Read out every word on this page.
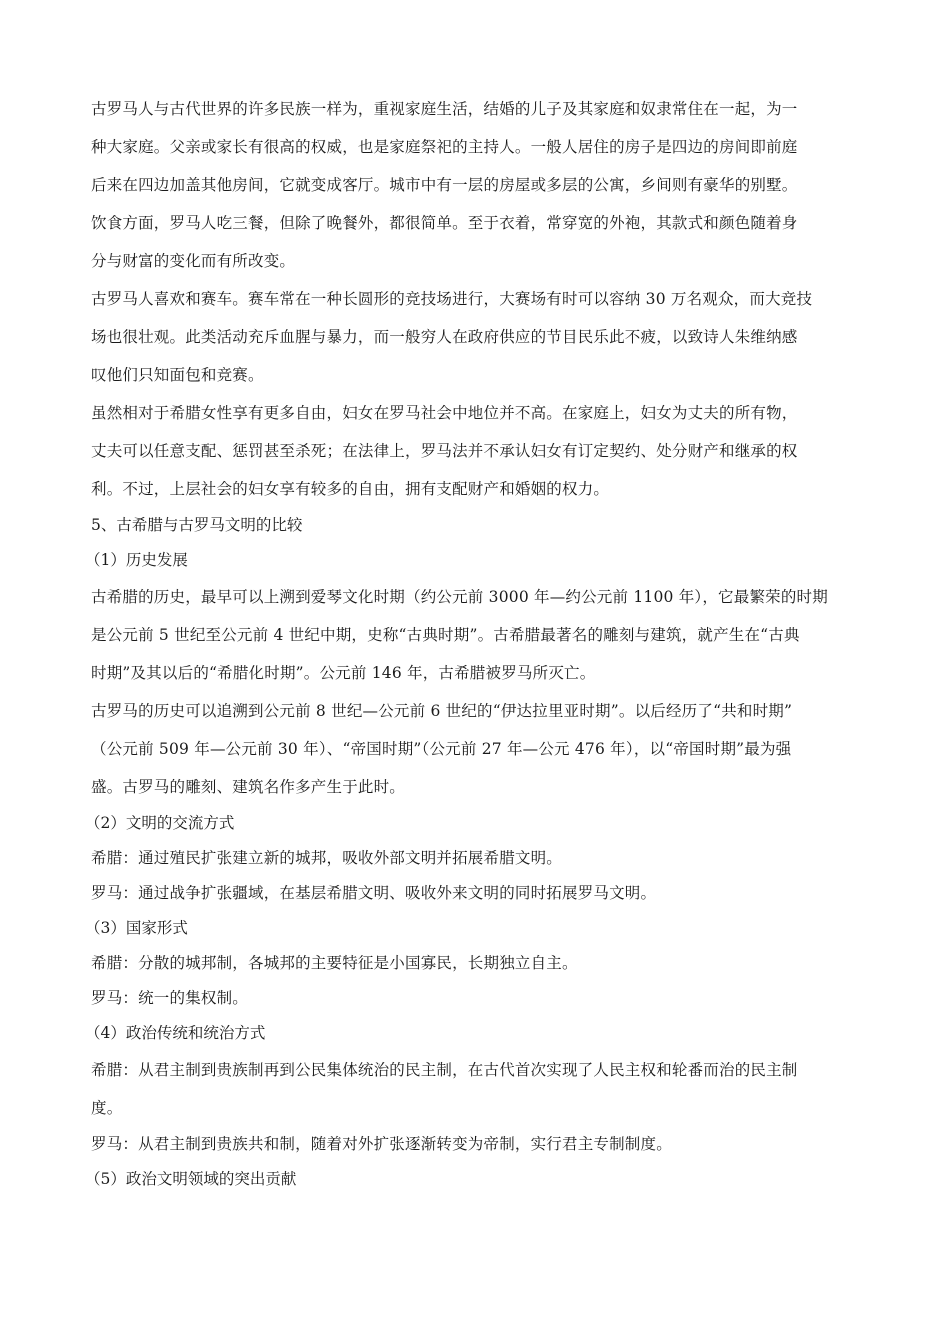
古罗马人与古代世界的许多民族一样为，重视家庭生活，结婚的儿子及其家庭和奴隶常住在一起，为一
种大家庭。父亲或家长有很高的权威，也是家庭祭祀的主持人。一般人居住的房子是四边的房间即前庭
后来在四边加盖其他房间，它就变成客厅。城市中有一层的房屋或多层的公寓，乡间则有豪华的别墅。
饮食方面，罗马人吃三餐，但除了晚餐外，都很简单。至于衣着，常穿宽的外袍，其款式和颜色随着身
分与财富的变化而有所改变。

古罗马人喜欢和赛车。赛车常在一种长圆形的竞技场进行，大赛场有时可以容纳 30 万名观众，而大竞技
场也很壮观。此类活动充斥血腥与暴力，而一般穷人在政府供应的节目民乐此不疲，以致诗人朱维纳感
叹他们只知面包和竞赛。

虽然相对于希腊女性享有更多自由，妇女在罗马社会中地位并不高。在家庭上，妇女为丈夫的所有物，
丈夫可以任意支配、惩罚甚至杀死；在法律上，罗马法并不承认妇女有订定契约、处分财产和继承的权
利。不过，上层社会的妇女享有较多的自由，拥有支配财产和婚姻的权力。

5、古希腊与古罗马文明的比较

（1）历史发展

古希腊的历史，最早可以上溯到爱琴文化时期（约公元前 3000 年—约公元前 1100 年），它最繁荣的时期
是公元前 5 世纪至公元前 4 世纪中期，史称“古典时期”。古希腊最著名的雕刻与建筑，就产生在“古典
时期”及其以后的“希腊化时期”。公元前 146 年，古希腊被罗马所灭亡。

古罗马的历史可以追溯到公元前 8 世纪—公元前 6 世纪的“伊达拉里亚时期”。以后经历了“共和时期”
（公元前 509 年—公元前 30 年）、“帝国时期”（公元前 27 年—公元 476 年），以“帝国时期”最为强
盛。古罗马的雕刻、建筑名作多产生于此时。

（2）文明的交流方式

希腊：通过殖民扩张建立新的城邦，吸收外部文明并拓展希腊文明。

罗马：通过战争扩张疆域，在基层希腊文明、吸收外来文明的同时拓展罗马文明。

（3）国家形式

希腊：分散的城邦制，各城邦的主要特征是小国寡民，长期独立自主。

罗马：统一的集权制。

（4）政治传统和统治方式

希腊：从君主制到贵族制再到公民集体统治的民主制，在古代首次实现了人民主权和轮番而治的民主制
度。

罗马：从君主制到贵族共和制，随着对外扩张逐渐转变为帝制，实行君主专制制度。

（5）政治文明领域的突出贡献
